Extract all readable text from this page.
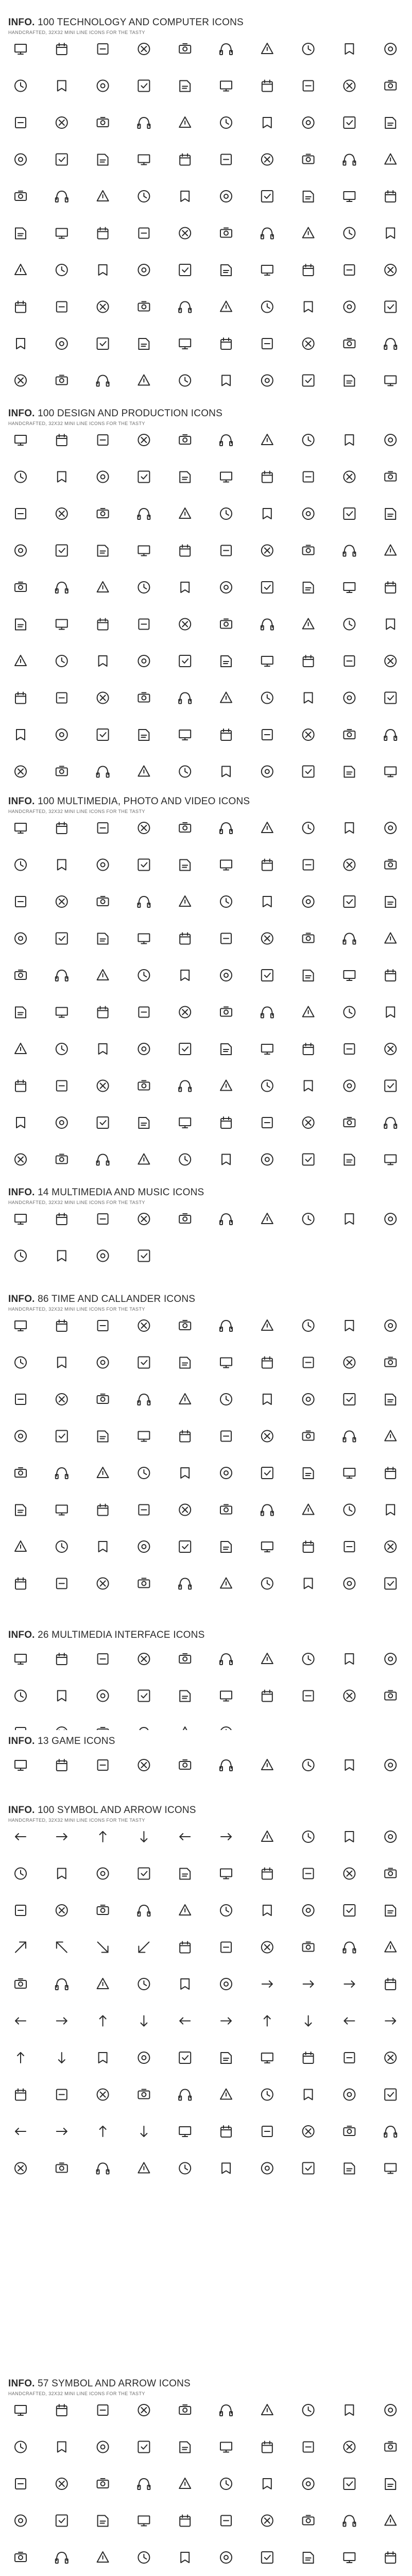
INFO. 100 TECHNOLOGY AND COMPUTER ICONS
HANDCRAFTED, 32X32 MINI LINE ICONS FOR THE TASTY
INFO. 100 DESIGN AND PRODUCTION ICONS
HANDCRAFTED, 32X32 MINI LINE ICONS FOR THE TASTY
INFO. 100 MULTIMEDIA, PHOTO AND VIDEO ICONS
HANDCRAFTED, 32X32 MINI LINE ICONS FOR THE TASTY
INFO. 14 MULTIMEDIA AND MUSIC ICONS
HANDCRAFTED, 32X32 MINI LINE ICONS FOR THE TASTY
INFO. 86 TIME AND CALLANDER ICONS
HANDCRAFTED, 32X32 MINI LINE ICONS FOR THE TASTY
INFO. 26 MULTIMEDIA INTERFACE ICONS
INFO. 13 GAME ICONS
INFO. 100 SYMBOL AND ARROW ICONS
HANDCRAFTED, 32X32 MINI LINE ICONS FOR THE TASTY
INFO. 57 SYMBOL AND ARROW ICONS
HANDCRAFTED, 32X32 MINI LINE ICONS FOR THE TASTY
